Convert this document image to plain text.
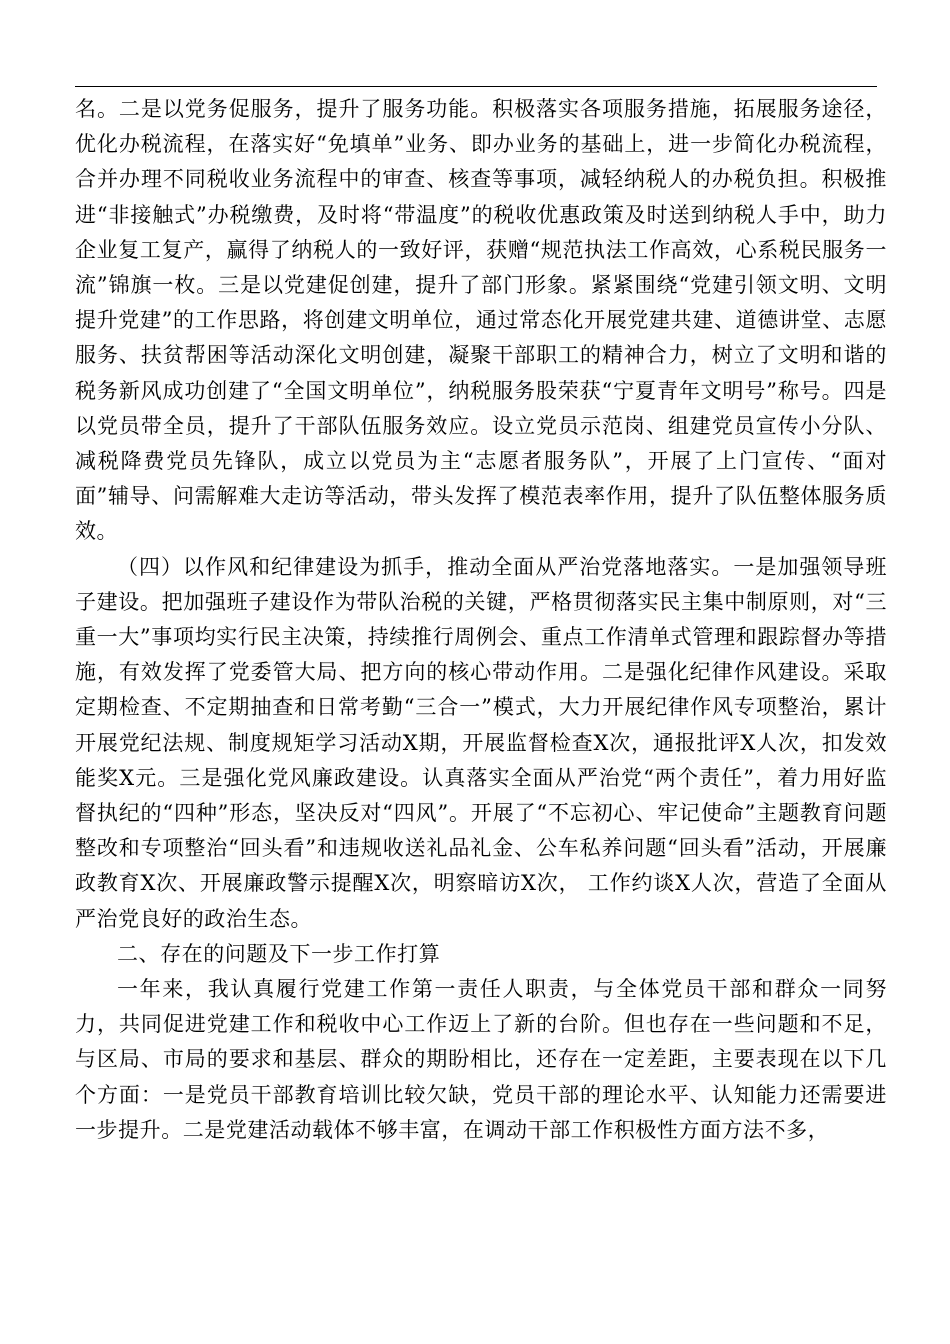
名。二是以党务促服务，提升了服务功能。积极落实各项服务措施，拓展服务途径，优化办税流程，在落实好“免填单”业务、即办业务的基础上，进一步简化办税流程，合并办理不同税收业务流程中的审查、核查等事项，减轻纳税人的办税负担。积极推进“非接触式”办税缴费，及时将“带温度”的税收优惠政策及时送到纳税人手中，助力企业复工复产，赢得了纳税人的一致好评，获赠“规范执法工作高效，心系税民服务一流”锦旗一枚。三是以党建促创建，提升了部门形象。紧紧围绕“党建引领文明、文明提升党建”的工作思路，将创建文明单位，通过常态化开展党建共建、道德讲堂、志愿服务、扶贫帮困等活动深化文明创建，凝聚干部职工的精神合力，树立了文明和谐的税务新风成功创建了“全国文明单位”，纳税服务股荣获“宁夏青年文明号”称号。四是以党员带全员，提升了干部队伍服务效应。设立党员示范岗、组建党员宣传小分队、减税降费党员先锋队，成立以党员为主“志愿者服务队”，开展了上门宣传、“面对面”辅导、问需解难大走访等活动，带头发挥了模范表率作用，提升了队伍整体服务质效。

（四）以作风和纪律建设为抓手，推动全面从严治党落地落实。一是加强领导班子建设。把加强班子建设作为带队治税的关键，严格贯彻落实民主集中制原则，对“三重一大”事项均实行民主决策，持续推行周例会、重点工作清单式管理和跟踪督办等措施，有效发挥了党委管大局、把方向的核心带动作用。二是强化纪律作风建设。采取定期检查、不定期抽查和日常考勤“三合一”模式，大力开展纪律作风专项整治，累计开展党纪法规、制度规矩学习活动X期，开展监督检查X次，通报批评X人次，扣发效能奖X元。三是强化党风廉政建设。认真落实全面从严治党“两个责任”，着力用好监督执纪的“四种”形态，坚决反对“四风”。开展了“不忘初心、牢记使命”主题教育问题整改和专项整治“回头看”和违规收送礼品礼金、公车私养问题“回头看”活动，开展廉政教育X次、开展廉政警示提醒X次，明察暗访X次， 工作约谈X人次，营造了全面从严治党良好的政治生态。

二、存在的问题及下一步工作打算

一年来，我认真履行党建工作第一责任人职责，与全体党员干部和群众一同努力，共同促进党建工作和税收中心工作迈上了新的台阶。但也存在一些问题和不足，与区局、市局的要求和基层、群众的期盼相比，还存在一定差距，主要表现在以下几个方面：一是党员干部教育培训比较欠缺，党员干部的理论水平、认知能力还需要进一步提升。二是党建活动载体不够丰富，在调动干部工作积极性方面方法不多，
